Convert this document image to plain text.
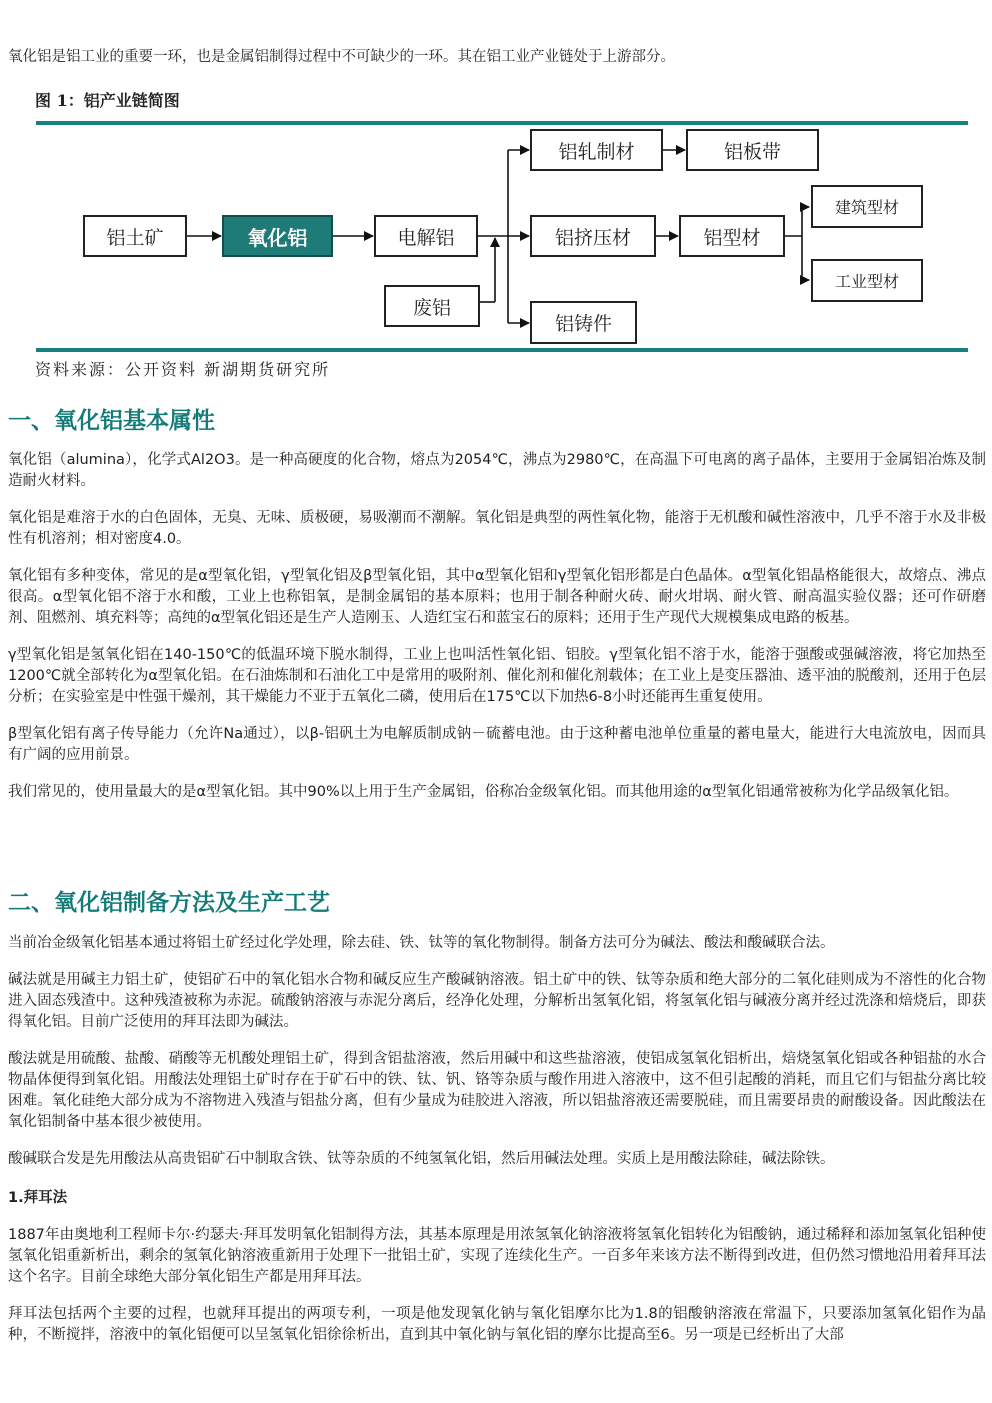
氧化铝是铝工业的重要一环，也是金属铝制得过程中不可缺少的一环。其在铝工业产业链处于上游部分。

图 1：铝产业链简图
铝土矿	氧化铝	电解铝
废铝
铝轧制材	铝板带
铝挤压材	铝型材
建筑型材
工业型材
铝铸件
资料来源：公开资料 新湖期货研究所
一、氧化铝基本属性

氧化铝（alumina），化学式Al2O3。是一种高硬度的化合物，熔点为2054℃，沸点为2980℃，在高温下可电离的离子晶体，主要用于金属铝冶炼及制造耐火材料。

氧化铝是难溶于水的白色固体，无臭、无味、质极硬，易吸潮而不潮解。氧化铝是典型的两性氧化物，能溶于无机酸和碱性溶液中，几乎不溶于水及非极性有机溶剂；相对密度4.0。

氧化铝有多种变体，常见的是α型氧化铝，γ型氧化铝及β型氧化铝，其中α型氧化铝和γ型氧化铝形都是白色晶体。α型氧化铝晶格能很大，故熔点、沸点很高。α型氧化铝不溶于水和酸，工业上也称铝氧，是制金属铝的基本原料；也用于制各种耐火砖、耐火坩埚、耐火管、耐高温实验仪器；还可作研磨剂、阻燃剂、填充料等；高纯的α型氧化铝还是生产人造刚玉、人造红宝石和蓝宝石的原料；还用于生产现代大规模集成电路的板基。

γ型氧化铝是氢氧化铝在140-150℃的低温环境下脱水制得，工业上也叫活性氧化铝、铝胶。γ型氧化铝不溶于水，能溶于强酸或强碱溶液，将它加热至1200℃就全部转化为α型氧化铝。在石油炼制和石油化工中是常用的吸附剂、催化剂和催化剂载体；在工业上是变压器油、透平油的脱酸剂，还用于色层分析；在实验室是中性强干燥剂，其干燥能力不亚于五氧化二磷，使用后在175℃以下加热6-8小时还能再生重复使用。

β型氧化铝有离子传导能力（允许Na通过），以β-铝矾土为电解质制成钠－硫蓄电池。由于这种蓄电池单位重量的蓄电量大，能进行大电流放电，因而具有广阔的应用前景。

我们常见的，使用量最大的是α型氧化铝。其中90%以上用于生产金属铝，俗称冶金级氧化铝。而其他用途的α型氧化铝通常被称为化学品级氧化铝。

二、氧化铝制备方法及生产工艺

当前冶金级氧化铝基本通过将铝土矿经过化学处理，除去硅、铁、钛等的氧化物制得。制备方法可分为碱法、酸法和酸碱联合法。

碱法就是用碱主力铝土矿，使铝矿石中的氧化铝水合物和碱反应生产酸碱钠溶液。铝土矿中的铁、钛等杂质和绝大部分的二氧化硅则成为不溶性的化合物进入固态残渣中。这种残渣被称为赤泥。硫酸钠溶液与赤泥分离后，经净化处理，分解析出氢氧化铝，将氢氧化铝与碱液分离并经过洗涤和焙烧后，即获得氧化铝。目前广泛使用的拜耳法即为碱法。

酸法就是用硫酸、盐酸、硝酸等无机酸处理铝土矿，得到含铝盐溶液，然后用碱中和这些盐溶液，使铝成氢氧化铝析出，焙烧氢氧化铝或各种铝盐的水合物晶体便得到氧化铝。用酸法处理铝土矿时存在于矿石中的铁、钛、钒、铬等杂质与酸作用进入溶液中，这不但引起酸的消耗，而且它们与铝盐分离比较困难。氧化硅绝大部分成为不溶物进入残渣与铝盐分离，但有少量成为硅胶进入溶液，所以铝盐溶液还需要脱硅，而且需要昂贵的耐酸设备。因此酸法在氧化铝制备中基本很少被使用。

酸碱联合发是先用酸法从高贵铝矿石中制取含铁、钛等杂质的不纯氢氧化铝，然后用碱法处理。实质上是用酸法除硅，碱法除铁。

1.拜耳法

1887年由奥地利工程师卡尔·约瑟夫·拜耳发明氧化铝制得方法，其基本原理是用浓氢氧化钠溶液将氢氧化铝转化为铝酸钠，通过稀释和添加氢氧化铝种使氢氧化铝重新析出，剩余的氢氧化钠溶液重新用于处理下一批铝土矿，实现了连续化生产。一百多年来该方法不断得到改进，但仍然习惯地沿用着拜耳法这个名字。目前全球绝大部分氧化铝生产都是用拜耳法。

拜耳法包括两个主要的过程，也就拜耳提出的两项专利，一项是他发现氧化钠与氧化铝摩尔比为1.8的铝酸钠溶液在常温下，只要添加氢氧化铝作为晶种，不断搅拌，溶液中的氧化铝便可以呈氢氧化铝徐徐析出，直到其中氧化钠与氧化铝的摩尔比提高至6。另一项是已经析出了大部
